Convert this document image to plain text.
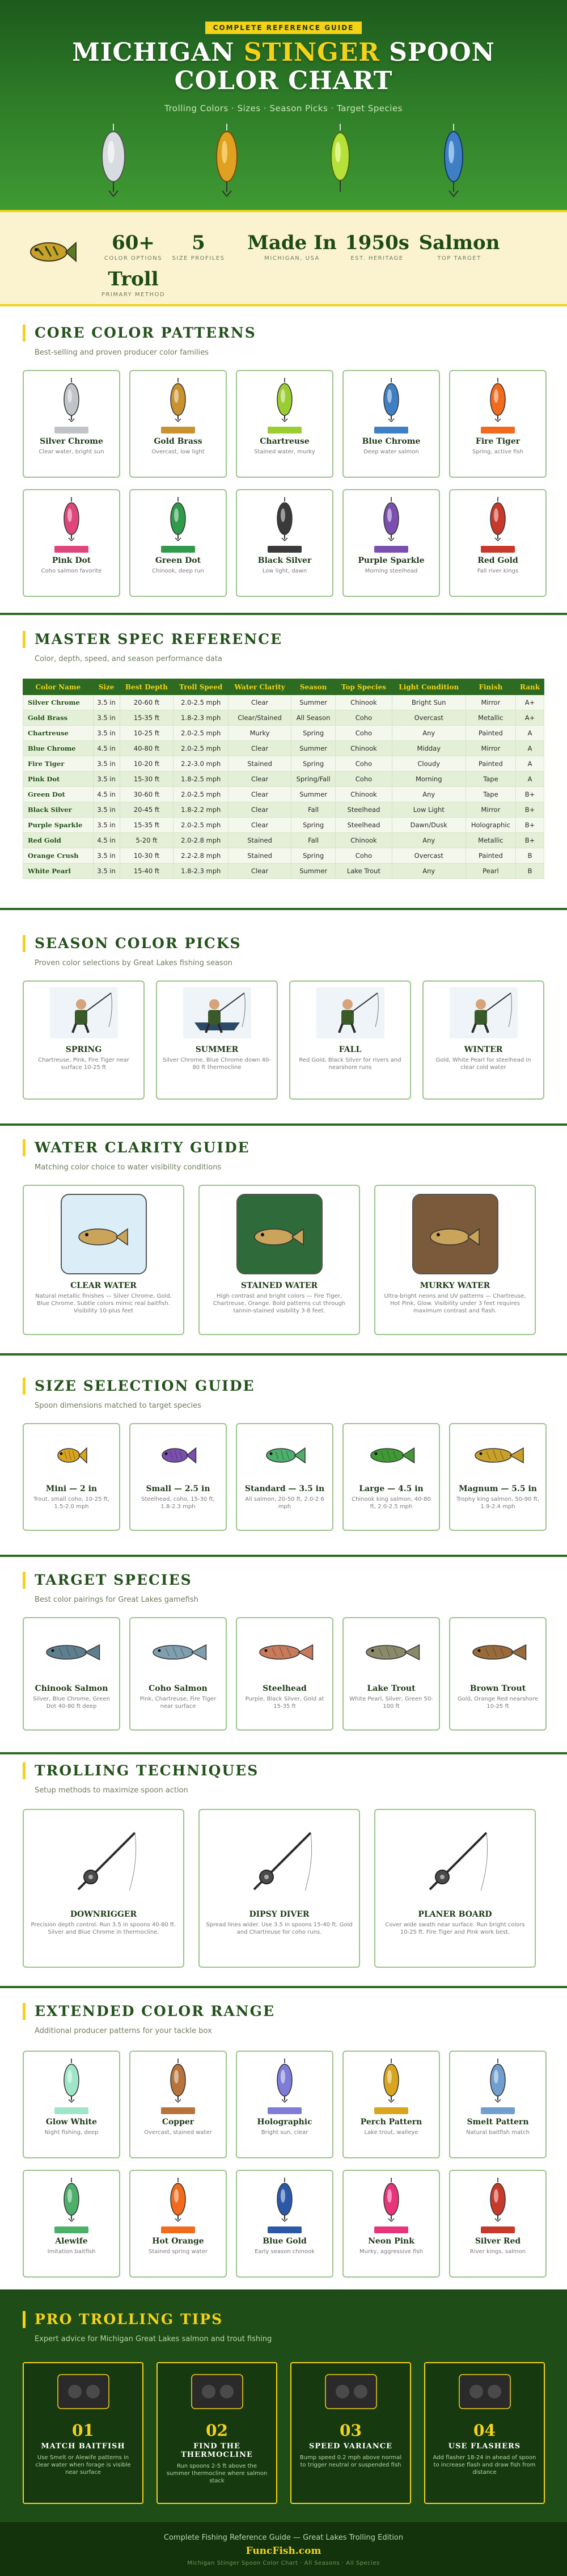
COMPLETE REFERENCE GUIDE
MICHIGAN STINGER SPOON
COLOR CHART
Trolling Colors · Sizes · Season Picks · Target Species
60+
COLOR OPTIONS
5
SIZE PROFILES
Made In
MICHIGAN, USA
1950s
EST. HERITAGE
Salmon
TOP TARGET
Troll
PRIMARY METHOD
CORE COLOR PATTERNS
Best-selling and proven producer color families
Silver Chrome
Clear water, bright sun
Gold Brass
Overcast, low light
Chartreuse
Stained water, murky
Blue Chrome
Deep water salmon
Fire Tiger
Spring, active fish
Pink Dot
Coho salmon favorite
Green Dot
Chinook, deep run
Black Silver
Low light, dawn
Purple Sparkle
Morning steelhead
Red Gold
Fall river kings
MASTER SPEC REFERENCE
Color, depth, speed, and season performance data
Color Name	Size	Best Depth	Troll Speed	Water Clarity	Season	Top Species	Light Condition	Finish	Rank
Silver Chrome	3.5 in	20-60 ft	2.0-2.5 mph	Clear	Summer	Chinook	Bright Sun	Mirror	A+
Gold Brass	3.5 in	15-35 ft	1.8-2.3 mph	Clear/Stained	All Season	Coho	Overcast	Metallic	A+
Chartreuse	3.5 in	10-25 ft	2.0-2.5 mph	Murky	Spring	Coho	Any	Painted	A
Blue Chrome	4.5 in	40-80 ft	2.0-2.5 mph	Clear	Summer	Chinook	Midday	Mirror	A
Fire Tiger	3.5 in	10-20 ft	2.2-3.0 mph	Stained	Spring	Coho	Cloudy	Painted	A
Pink Dot	3.5 in	15-30 ft	1.8-2.5 mph	Clear	Spring/Fall	Coho	Morning	Tape	A
Green Dot	4.5 in	30-60 ft	2.0-2.5 mph	Clear	Summer	Chinook	Any	Tape	B+
Black Silver	3.5 in	20-45 ft	1.8-2.2 mph	Clear	Fall	Steelhead	Low Light	Mirror	B+
Purple Sparkle	3.5 in	15-35 ft	2.0-2.5 mph	Clear	Spring	Steelhead	Dawn/Dusk	Holographic	B+
Red Gold	4.5 in	5-20 ft	2.0-2.8 mph	Stained	Fall	Chinook	Any	Metallic	B+
Orange Crush	3.5 in	10-30 ft	2.2-2.8 mph	Stained	Spring	Coho	Overcast	Painted	B
White Pearl	3.5 in	15-40 ft	1.8-2.3 mph	Clear	Summer	Lake Trout	Any	Pearl	B
SEASON COLOR PICKS
Proven color selections by Great Lakes fishing season
SPRING
Chartreuse, Pink, Fire Tiger near surface 10-25 ft
SUMMER
Silver Chrome, Blue Chrome down 40-80 ft thermocline
FALL
Red Gold, Black Silver for rivers and nearshore runs
WINTER
Gold, White Pearl for steelhead in clear cold water
WATER CLARITY GUIDE
Matching color choice to water visibility conditions
CLEAR WATER
Natural metallic finishes — Silver Chrome, Gold, Blue Chrome. Subtle colors mimic real baitfish. Visibility 10-plus feet
STAINED WATER
High contrast and bright colors — Fire Tiger, Chartreuse, Orange. Bold patterns cut through tannin-stained visibility 3-8 feet.
MURKY WATER
Ultra-bright neons and UV patterns — Chartreuse, Hot Pink, Glow. Visibility under 3 feet requires maximum contrast and flash.
SIZE SELECTION GUIDE
Spoon dimensions matched to target species
Mini — 2 in
Trout, small coho, 10-25 ft, 1.5-2.0 mph
Small — 2.5 in
Steelhead, coho, 15-30 ft, 1.8-2.3 mph
Standard — 3.5 in
All salmon, 20-50 ft, 2.0-2.6 mph
Large — 4.5 in
Chinook king salmon, 40-80 ft, 2.0-2.5 mph
Magnum — 5.5 in
Trophy king salmon, 50-90 ft, 1.9-2.4 mph
TARGET SPECIES
Best color pairings for Great Lakes gamefish
Chinook Salmon
Silver, Blue Chrome, Green Dot 40-80 ft deep
Coho Salmon
Pink, Chartreuse, Fire Tiger near surface
Steelhead
Purple, Black Silver, Gold at 15-35 ft
Lake Trout
White Pearl, Silver, Green 50-100 ft
Brown Trout
Gold, Orange Red nearshore 10-25 ft
TROLLING TECHNIQUES
Setup methods to maximize spoon action
DOWNRIGGER
Precision depth control. Run 3.5 in spoons 40-80 ft. Silver and Blue Chrome in thermocline.
DIPSY DIVER
Spread lines wider. Use 3.5 in spoons 15-40 ft. Gold and Chartreuse for coho runs.
PLANER BOARD
Cover wide swath near surface. Run bright colors 10-25 ft. Fire Tiger and Pink work best.
EXTENDED COLOR RANGE
Additional producer patterns for your tackle box
Glow White
Night fishing, deep
Copper
Overcast, stained water
Holographic
Bright sun, clear
Perch Pattern
Lake trout, walleye
Smelt Pattern
Natural baitfish match
Alewife
Imitation baitfish
Hot Orange
Stained spring water
Blue Gold
Early season chinook
Neon Pink
Murky, aggressive fish
Silver Red
River kings, salmon
PRO TROLLING TIPS
Expert advice for Michigan Great Lakes salmon and trout fishing
01
MATCH BAITFISH
Use Smelt or Alewife patterns in clear water when forage is visible near surface
02
FIND THE THERMOCLINE
Run spoons 2-5 ft above the summer thermocline where salmon stack
03
SPEED VARIANCE
Bump speed 0.2 mph above normal to trigger neutral or suspended fish
04
USE FLASHERS
Add flasher 18-24 in ahead of spoon to increase flash and draw fish from distance
Complete Fishing Reference Guide — Great Lakes Trolling Edition
FuncFish.com
Michigan Stinger Spoon Color Chart · All Seasons · All Species
